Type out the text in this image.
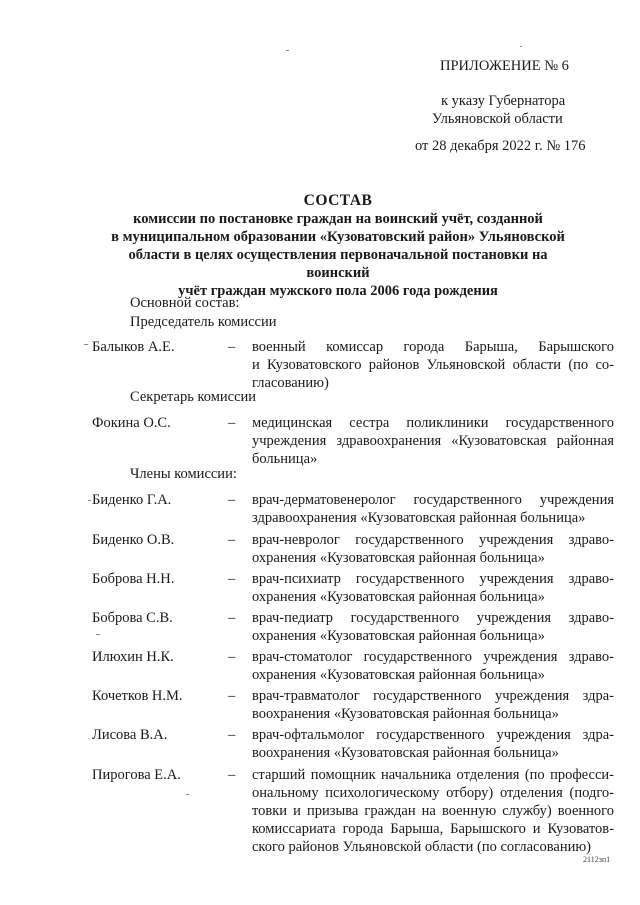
ПРИЛОЖЕНИЕ № 6
к указу Губернатора
Ульяновской области
от 28 декабря 2022 г. № 176
СОСТАВ
комиссии по постановке граждан на воинский учёт, созданной
в муниципальном образовании «Кузоватовский район» Ульяновской
области в целях осуществления первоначальной постановки на воинский
учёт граждан мужского пола 2006 года рождения
Основной состав:
Председатель комиссии
Балыков А.Е.	– военный комиссар города Барыша, Барышского
и Кузоватовского районов Ульяновской области (по со-
гласованию)
Секретарь комиссии
Фокина О.С.	– медицинская сестра поликлиники государственного
учреждения здравоохранения «Кузоватовская районная
больница»
Члены комиссии:
Биденко Г.А.	– врач-дерматовенеролог государственного учреждения
здравоохранения «Кузоватовская районная больница»
Биденко О.В.	– врач-невролог государственного учреждения здраво-
охранения «Кузоватовская районная больница»
Боброва Н.Н.	– врач-психиатр государственного учреждения здраво-
охранения «Кузоватовская районная больница»
Боброва С.В.	– врач-педиатр государственного учреждения здраво-
охранения «Кузоватовская районная больница»
Илюхин Н.К.	– врач-стоматолог государственного учреждения здраво-
охранения «Кузоватовская районная больница»
Кочетков Н.М.	– врач-травматолог государственного учреждения здра-
воохранения «Кузоватовская районная больница»
Лисова В.А.	– врач-офтальмолог государственного учреждения здра-
воохранения «Кузоватовская районная больница»
Пирогова Е.А.	– старший помощник начальника отделения (по професси-
ональному психологическому отбору) отделения (подго-
товки и призыва граждан на военную службу) военного
комиссариата города Барыша, Барышского и Кузоватов-
ского районов Ульяновской области (по согласованию)
2112зп1
